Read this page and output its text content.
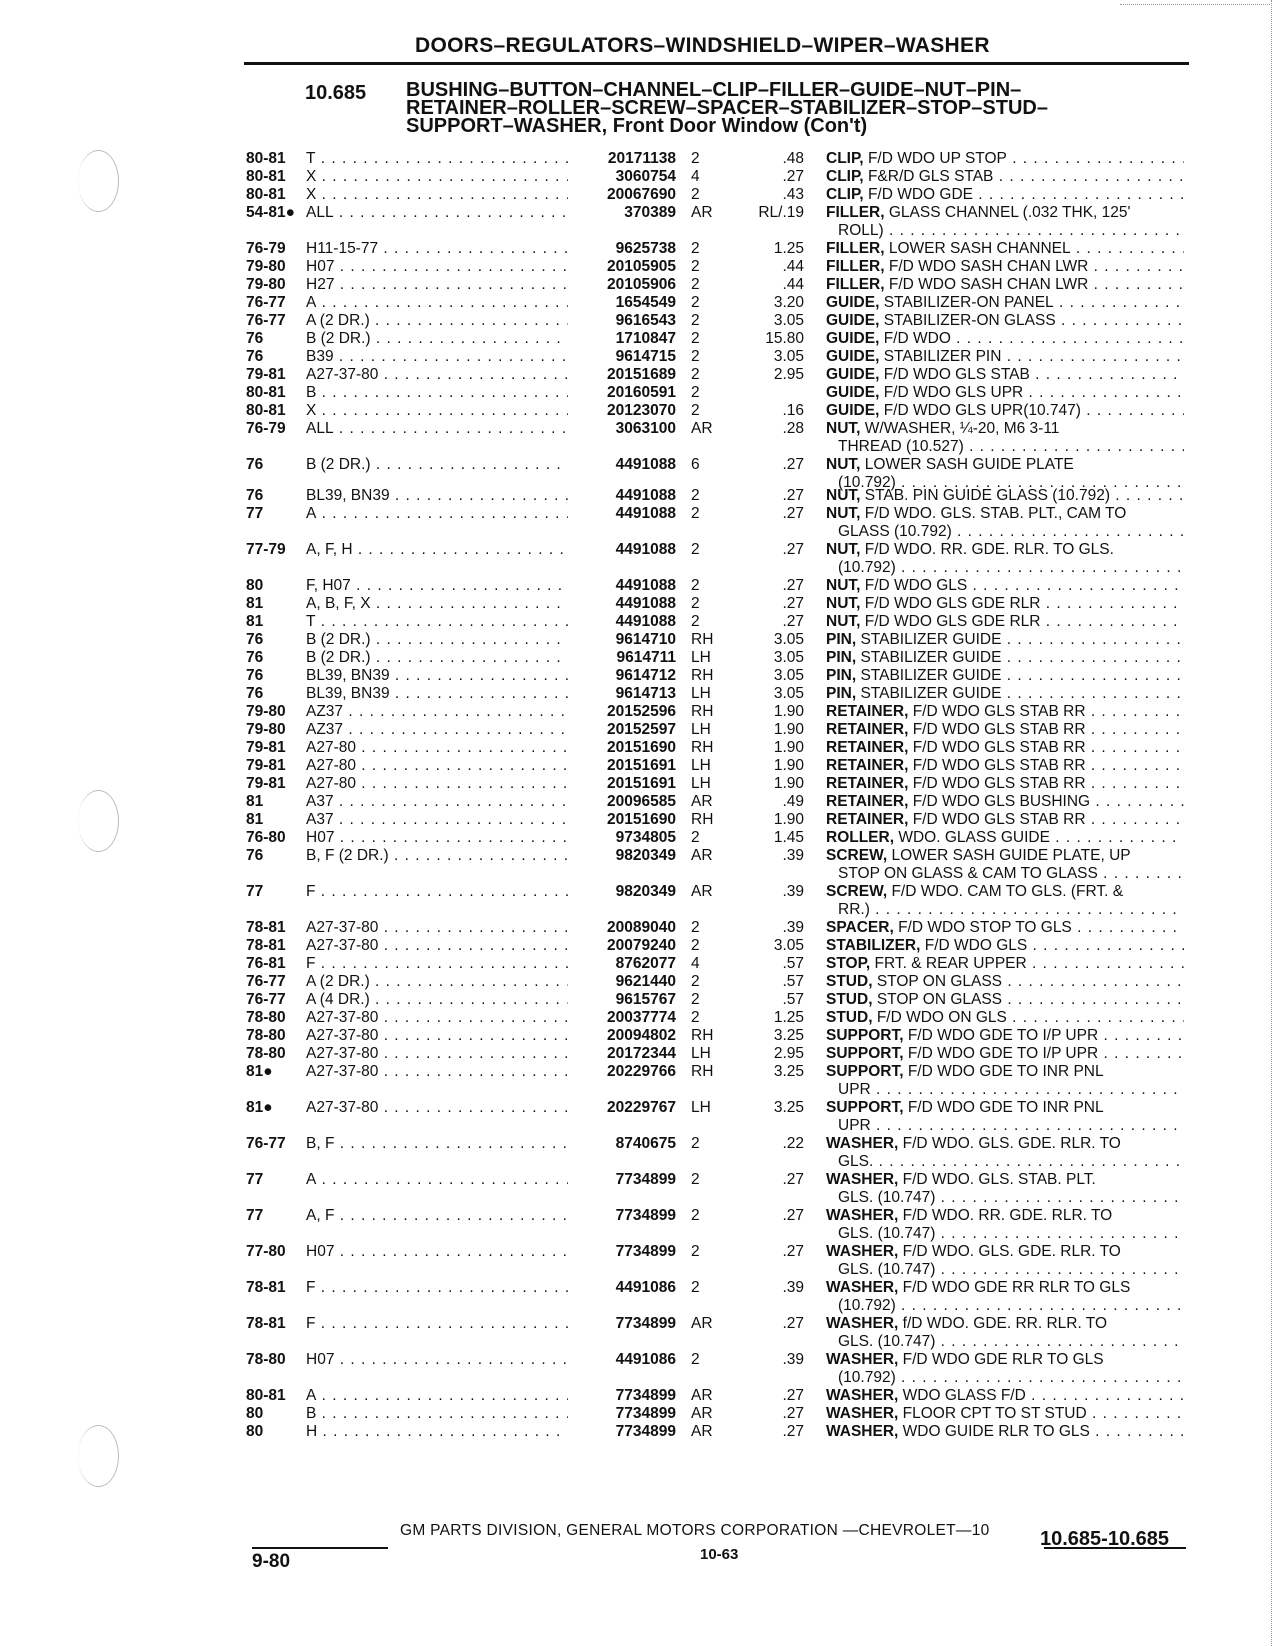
DOORS–REGULATORS–WINDSHIELD–WIPER–WASHER
10.685 BUSHING–BUTTON–CHANNEL–CLIP–FILLER–GUIDE–NUT–PIN–
RETAINER–ROLLER–SCREW–SPACER–STABILIZER–STOP–STUD–
SUPPORT–WASHER, Front Door Window (Con't)
80-81 T . . .	20171138 2	.48 CLIP, F/D WDO UP STOP . . .
80-81 X . . .	3060754 4	.27 CLIP, F&R/D GLS STAB . . .
80-81 X . . .	20067690 2	.43 CLIP, F/D WDO GDE . . .
54-81● ALL . . .	370389 AR	RL/.19 FILLER, GLASS CHANNEL (.032 THK, 125'
ROLL) . . .
76-79 H11-15-77 . . .	9625738 2	1.25 FILLER, LOWER SASH CHANNEL . . .
79-80 H07 . . .	20105905 2	.44 FILLER, F/D WDO SASH CHAN LWR . . .
79-80 H27 . . .	20105906 2	.44 FILLER, F/D WDO SASH CHAN LWR . . .
76-77 A . . .	1654549 2	3.20 GUIDE, STABILIZER-ON PANEL . . .
76-77 A (2 DR.) . . .	9616543 2	3.05 GUIDE, STABILIZER-ON GLASS . . .
76	B (2 DR.) . . .	1710847 2	15.80 GUIDE, F/D WDO . . .
76	B39 . . .	9614715 2	3.05 GUIDE, STABILIZER PIN . . .
79-81 A27-37-80 . . .	20151689 2	2.95 GUIDE, F/D WDO GLS STAB . . .
80-81 B . . .	20160591 2	GUIDE, F/D WDO GLS UPR . . .
80-81 X . . .	20123070 2	.16 GUIDE, F/D WDO GLS UPR(10.747) . . .
76-79 ALL . . .	3063100 AR	.28 NUT, W/WASHER, ¼-20, M6 3-11
THREAD (10.527) . . .
76	B (2 DR.) . . .	4491088 6	.27 NUT, LOWER SASH GUIDE PLATE
(10.792) . . .
76	BL39, BN39 . . .	4491088 2	.27 NUT, STAB. PIN GUIDE GLASS (10.792) . . .
77	A . . .	4491088 2	.27 NUT, F/D WDO. GLS. STAB. PLT., CAM TO
GLASS (10.792) . . .
77-79 A, F, H . . .	4491088 2	.27 NUT, F/D WDO. RR. GDE. RLR. TO GLS.
(10.792) . . .
80	F, H07 . . .	4491088 2	.27 NUT, F/D WDO GLS . . .
81	A, B, F, X . . .	4491088 2	.27 NUT, F/D WDO GLS GDE RLR . . .
81	T . . .	4491088 2	.27 NUT, F/D WDO GLS GDE RLR . . .
76	B (2 DR.) . . .	9614710 RH	3.05 PIN, STABILIZER GUIDE . . .
76	B (2 DR.) . . .	9614711 LH	3.05 PIN, STABILIZER GUIDE . . .
76	BL39, BN39 . . .	9614712 RH	3.05 PIN, STABILIZER GUIDE . . .
76	BL39, BN39 . . .	9614713 LH	3.05 PIN, STABILIZER GUIDE . . .
79-80 AZ37 . . .	20152596 RH	1.90 RETAINER, F/D WDO GLS STAB RR . . .
79-80 AZ37 . . .	20152597 LH	1.90 RETAINER, F/D WDO GLS STAB RR . . .
79-81 A27-80 . . .	20151690 RH	1.90 RETAINER, F/D WDO GLS STAB RR . . .
79-81 A27-80 . . .	20151691 LH	1.90 RETAINER, F/D WDO GLS STAB RR . . .
79-81 A27-80 . . .	20151691 LH	1.90 RETAINER, F/D WDO GLS STAB RR . . .
81	A37 . . .	20096585 AR	.49 RETAINER, F/D WDO GLS BUSHING . . .
81	A37 . . .	20151690 RH	1.90 RETAINER, F/D WDO GLS STAB RR . . .
76-80 H07 . . .	9734805 2	1.45 ROLLER, WDO. GLASS GUIDE . . .
76	B, F (2 DR.) . . .	9820349 AR	.39 SCREW, LOWER SASH GUIDE PLATE, UP
STOP ON GLASS & CAM TO GLASS . . .
77	F . . .	9820349 AR	.39 SCREW, F/D WDO. CAM TO GLS. (FRT. &
RR.) . . .
78-81 A27-37-80 . . .	20089040 2	.39 SPACER, F/D WDO STOP TO GLS . . .
78-81 A27-37-80 . . .	20079240 2	3.05 STABILIZER, F/D WDO GLS . . .
76-81 F . . .	8762077 4	.57 STOP, FRT. & REAR UPPER . . .
76-77 A (2 DR.) . . .	9621440 2	.57 STUD, STOP ON GLASS . . .
76-77 A (4 DR.) . . .	9615767 2	.57 STUD, STOP ON GLASS . . .
78-80 A27-37-80 . . .	20037774 2	1.25 STUD, F/D WDO ON GLS . . .
78-80 A27-37-80 . . .	20094802 RH	3.25 SUPPORT, F/D WDO GDE TO I/P UPR . . .
78-80 A27-37-80 . . .	20172344 LH	2.95 SUPPORT, F/D WDO GDE TO I/P UPR . . .
81● A27-37-80 . . .	20229766 RH	3.25 SUPPORT, F/D WDO GDE TO INR PNL
UPR . . .
81● A27-37-80 . . .	20229767 LH	3.25 SUPPORT, F/D WDO GDE TO INR PNL
UPR . . .
76-77 B, F . . .	8740675 2	.22 WASHER, F/D WDO. GLS. GDE. RLR. TO
GLS. . . .
77	A . . .	7734899 2	.27 WASHER, F/D WDO. GLS. STAB. PLT.
GLS. (10.747) . . .
77	A, F . . .	7734899 2	.27 WASHER, F/D WDO. RR. GDE. RLR. TO
GLS. (10.747) . . .
77-80 H07 . . .	7734899 2	.27 WASHER, F/D WDO. GLS. GDE. RLR. TO
GLS. (10.747) . . .
78-81 F . . .	4491086 2	.39 WASHER, F/D WDO GDE RR RLR TO GLS
(10.792) . . .
78-81 F . . .	7734899 AR	.27 WASHER, f/D WDO. GDE. RR. RLR. TO
GLS. (10.747) . . .
78-80 H07 . . .	4491086 2	.39 WASHER, F/D WDO GDE RLR TO GLS
(10.792) . . .
80-81 A . . .	7734899 AR	.27 WASHER, WDO GLASS F/D . . .
80	B . . .	7734899 AR	.27 WASHER, FLOOR CPT TO ST STUD . . .
80	H . . .	7734899 AR	.27 WASHER, WDO GUIDE RLR TO GLS . . .
GM PARTS DIVISION, GENERAL MOTORS CORPORATION —CHEVROLET—10
9-80	10-63
10.685-10.685
